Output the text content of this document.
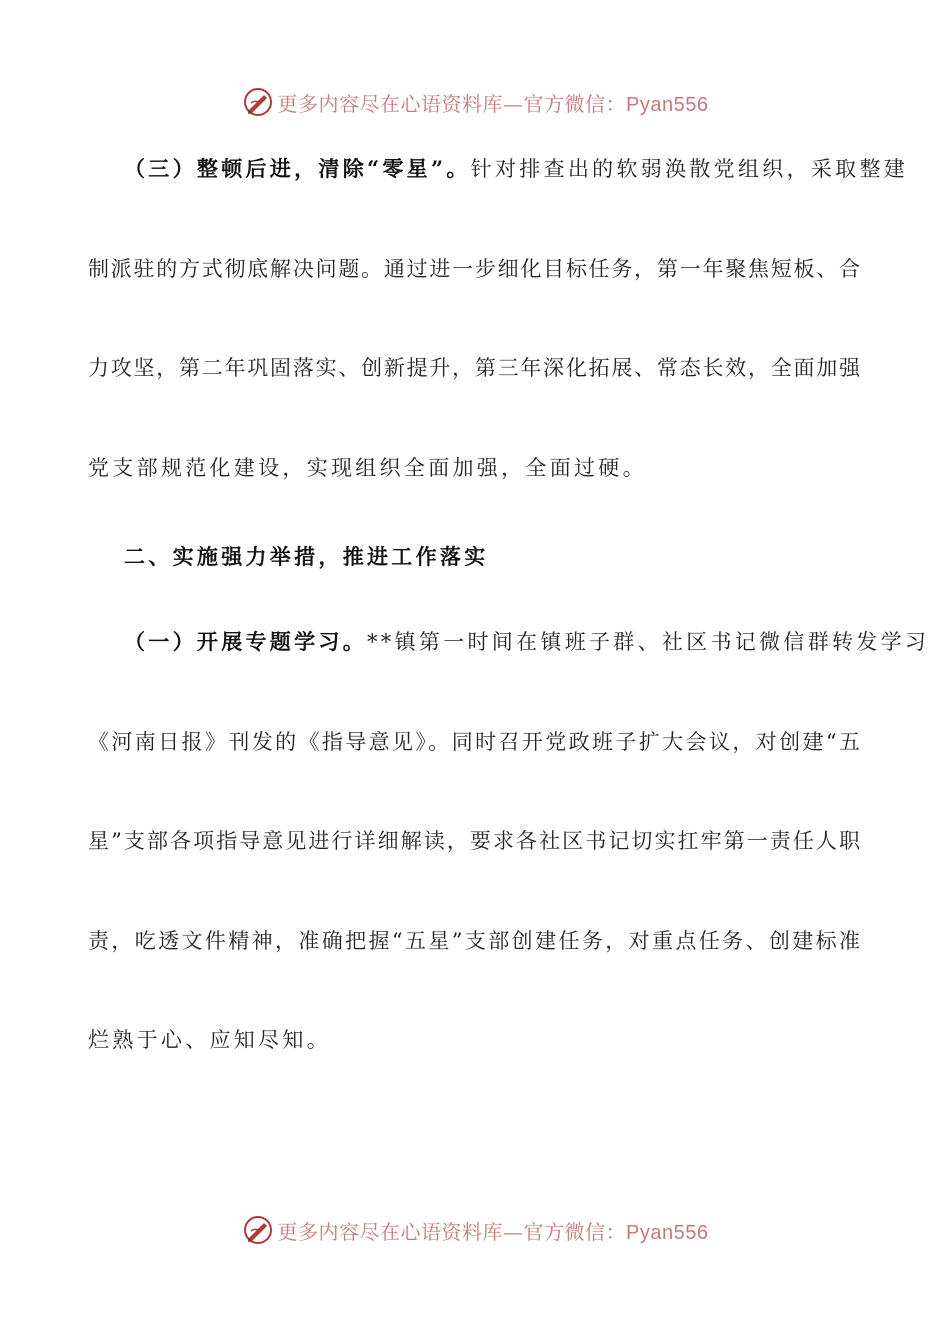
更多内容尽在心语资料库—官方微信：Pyan556
（三）整顿后进，清除“零星”。针对排查出的软弱涣散党组织，采取整建
制派驻的方式彻底解决问题。通过进一步细化目标任务，第一年聚焦短板、合
力攻坚，第二年巩固落实、创新提升，第三年深化拓展、常态长效，全面加强
党支部规范化建设，实现组织全面加强，全面过硬。
二、实施强力举措，推进工作落实
（一）开展专题学习。**镇第一时间在镇班子群、社区书记微信群转发学习
《河南日报》刊发的《指导意见》。同时召开党政班子扩大会议，对创建“五
星”支部各项指导意见进行详细解读，要求各社区书记切实扛牢第一责任人职
责，吃透文件精神，准确把握“五星”支部创建任务，对重点任务、创建标准
烂熟于心、应知尽知。
更多内容尽在心语资料库—官方微信：Pyan556
